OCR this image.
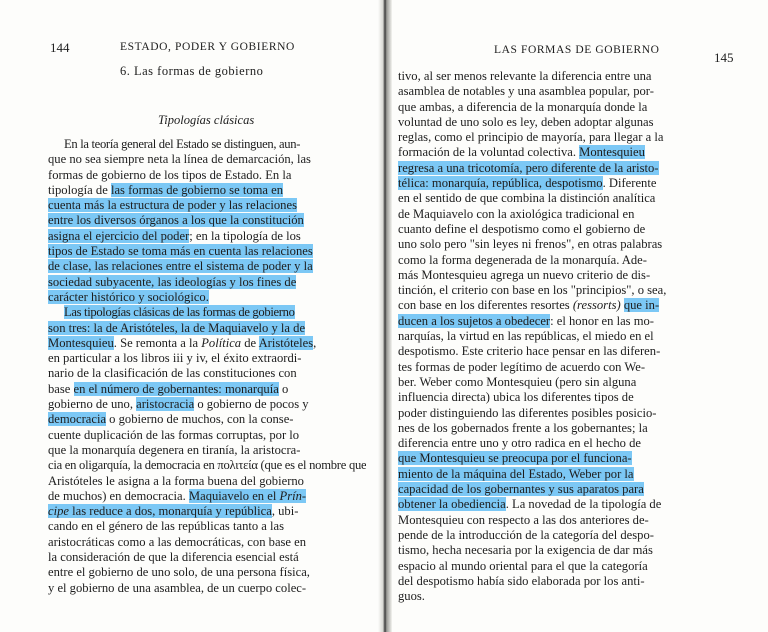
144	ESTADO, PODER Y GOBIERNO
6. Las formas de gobierno
Tipologías clásicas
En la teoría general del Estado se distinguen, aun-
que no sea siempre neta la línea de demarcación, las
formas de gobierno de los tipos de Estado. En la
tipología de las formas de gobierno se toma en
cuenta más la estructura de poder y las relaciones
entre los diversos órganos a los que la constitución
asigna el ejercicio del poder; en la tipología de los
tipos de Estado se toma más en cuenta las relaciones
de clase, las relaciones entre el sistema de poder y la
sociedad subyacente, las ideologías y los fines de
carácter histórico y sociológico.
Las tipologías clásicas de las formas de gobierno
son tres: la de Aristóteles, la de Maquiavelo y la de
Montesquieu. Se remonta a la Política de Aristóteles,
en particular a los libros iii y iv, el éxito extraordi-
nario de la clasificación de las constituciones con
base en el número de gobernantes: monarquía o
gobierno de uno, aristocracia o gobierno de pocos y
democracia o gobierno de muchos, con la conse-
cuente duplicación de las formas corruptas, por lo
que la monarquía degenera en tiranía, la aristocra-
cia en oligarquía, la democracia en πολιτεία (que es el nombre que
Aristóteles le asigna a la forma buena del gobierno
de muchos) en democracia. Maquiavelo en el Prín-
cipe las reduce a dos, monarquía y república, ubi-
cando en el género de las repúblicas tanto a las
aristocráticas como a las democráticas, con base en
la consideración de que la diferencia esencial está
entre el gobierno de uno solo, de una persona física,
y el gobierno de una asamblea, de un cuerpo colec-
LAS FORMAS DE GOBIERNO	145
tivo, al ser menos relevante la diferencia entre una
asamblea de notables y una asamblea popular, por-
que ambas, a diferencia de la monarquía donde la
voluntad de uno solo es ley, deben adoptar algunas
reglas, como el principio de mayoría, para llegar a la
formación de la voluntad colectiva. Montesquieu
regresa a una tricotomía, pero diferente de la aristo-
télica: monarquía, república, despotismo. Diferente
en el sentido de que combina la distinción analítica
de Maquiavelo con la axiológica tradicional en
cuanto define el despotismo como el gobierno de
uno solo pero "sin leyes ni frenos", en otras palabras
como la forma degenerada de la monarquía. Ade-
más Montesquieu agrega un nuevo criterio de dis-
tinción, el criterio con base en los "principios", o sea,
con base en los diferentes resortes (ressorts) que in-
ducen a los sujetos a obedecer: el honor en las mo-
narquías, la virtud en las repúblicas, el miedo en el
despotismo. Este criterio hace pensar en las diferen-
tes formas de poder legítimo de acuerdo con We-
ber. Weber como Montesquieu (pero sin alguna
influencia directa) ubica los diferentes tipos de
poder distinguiendo las diferentes posibles posicio-
nes de los gobernados frente a los gobernantes; la
diferencia entre uno y otro radica en el hecho de
que Montesquieu se preocupa por el funciona-
miento de la máquina del Estado, Weber por la
capacidad de los gobernantes y sus aparatos para
obtener la obediencia. La novedad de la tipología de
Montesquieu con respecto a las dos anteriores de-
pende de la introducción de la categoría del despo-
tismo, hecha necesaria por la exigencia de dar más
espacio al mundo oriental para el que la categoría
del despotismo había sido elaborada por los anti-
guos.
